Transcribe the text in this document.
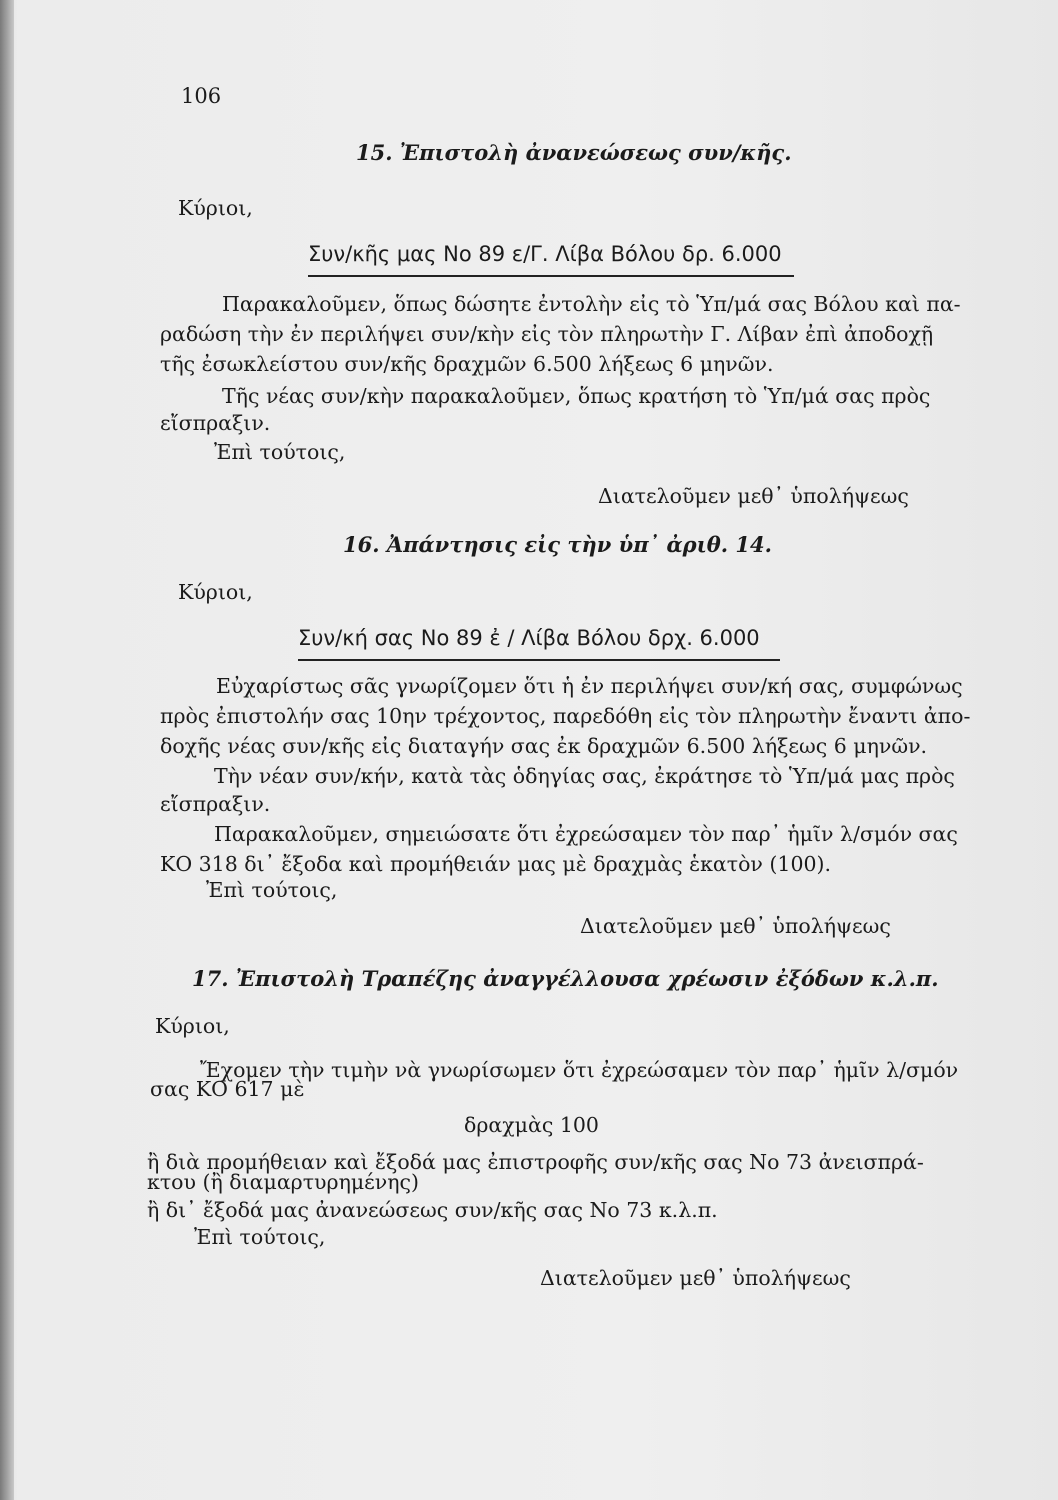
106
15. Ἐπιστολὴ ἀνανεώσεως συν/κῆς.
Κύριοι,
Συν/κῆς μας Νο 89 ε/Γ. Λίβα Βόλου δρ. 6.000
Παρακαλοῦμεν, ὅπως δώσητε ἐντολὴν εἰς τὸ Ὑπ/μά σας Βόλου καὶ πα-
ραδώση τὴν ἐν περιλήψει συν/κὴν εἰς τὸν πληρωτὴν Γ. Λίβαν ἐπὶ ἀποδοχῇ
τῆς ἐσωκλείστου συν/κῆς δραχμῶν 6.500 λήξεως 6 μηνῶν.
Τῆς νέας συν/κὴν παρακαλοῦμεν, ὅπως κρατήση τὸ Ὑπ/μά σας πρὸς
εἴσπραξιν.
Ἐπὶ τούτοις,
Διατελοῦμεν μεθ᾽ ὑπολήψεως
16. Ἀπάντησις εἰς τὴν ὑπ᾽ ἀριθ. 14.
Κύριοι,
Συν/κή σας Νο 89 ἐ / Λίβα Βόλου δρχ. 6.000
Εὐχαρίστως σᾶς γνωρίζομεν ὅτι ἡ ἐν περιλήψει συν/κή σας, συμφώνως
πρὸς ἐπιστολήν σας 10ην τρέχοντος, παρεδόθη εἰς τὸν πληρωτὴν ἔναντι ἀπο-
δοχῆς νέας συν/κῆς εἰς διαταγήν σας ἐκ δραχμῶν 6.500 λήξεως 6 μηνῶν.
Τὴν νέαν συν/κήν, κατὰ τὰς ὁδηγίας σας, ἐκράτησε τὸ Ὑπ/μά μας πρὸς
εἴσπραξιν.
Παρακαλοῦμεν, σημειώσατε ὅτι ἐχρεώσαμεν τὸν παρ᾽ ἡμῖν λ/σμόν σας
ΚΟ 318 δι᾽ ἔξοδα καὶ προμήθειάν μας μὲ δραχμὰς ἑκατὸν (100).
Ἐπὶ τούτοις,
Διατελοῦμεν μεθ᾽ ὑπολήψεως
17. Ἐπιστολὴ Τραπέζης ἀναγγέλλουσα χρέωσιν ἐξόδων κ.λ.π.
Κύριοι,
Ἔχομεν τὴν τιμὴν νὰ γνωρίσωμεν ὅτι ἐχρεώσαμεν τὸν παρ᾽ ἡμῖν λ/σμόν
σας ΚΟ 617 μὲ
δραχμὰς 100
ἢ διὰ προμήθειαν καὶ ἔξοδά μας ἐπιστροφῆς συν/κῆς σας Νο 73 ἀνεισπρά-
κτου (ἢ διαμαρτυρημένης)
ἢ δι᾽ ἔξοδά μας ἀνανεώσεως συν/κῆς σας Νο 73 κ.λ.π.
Ἐπὶ τούτοις,
Διατελοῦμεν μεθ᾽ ὑπολήψεως
